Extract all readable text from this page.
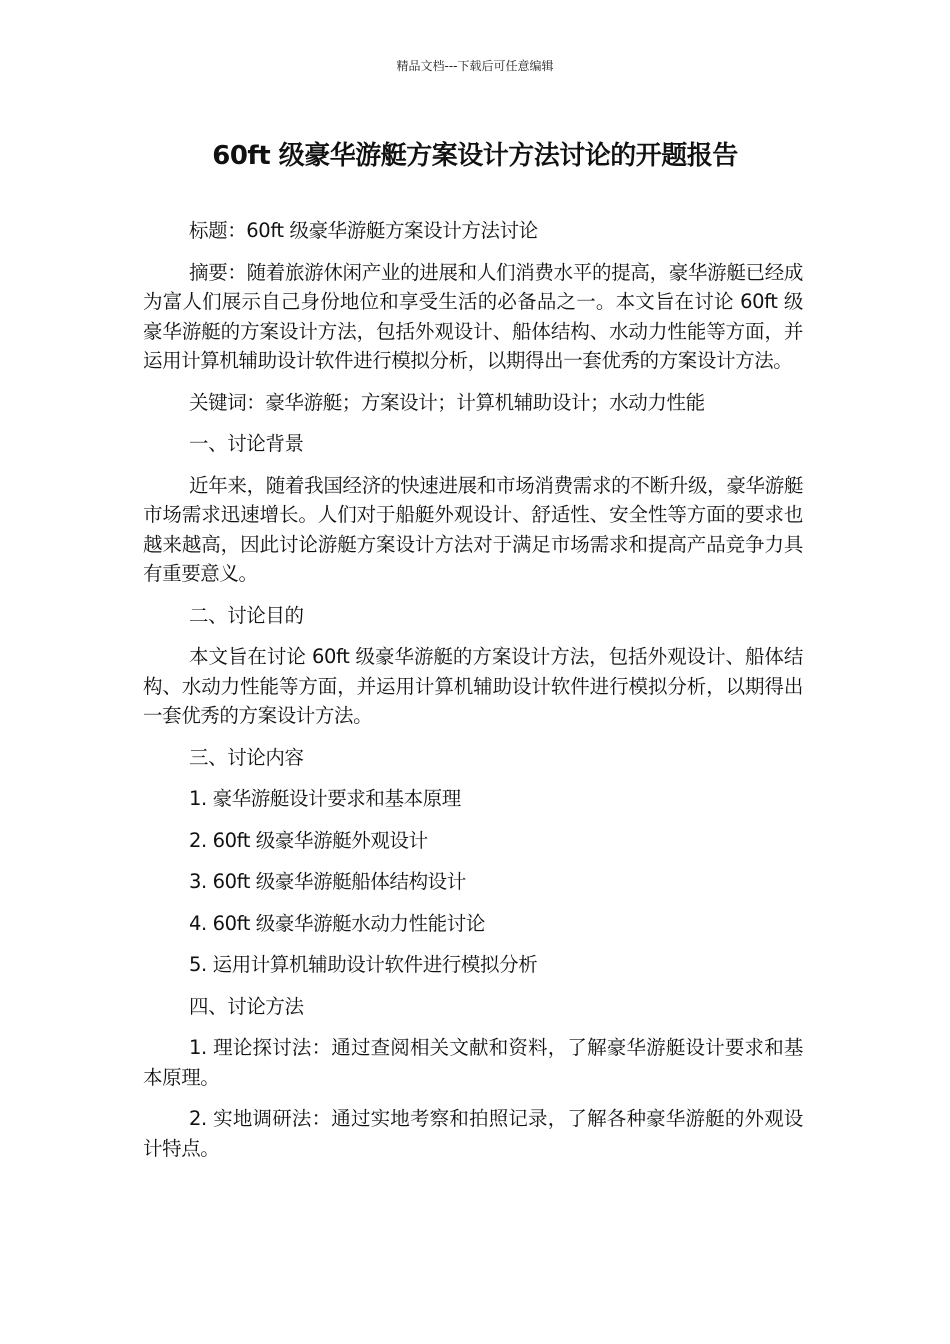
精品文档---下载后可任意编辑
60ft 级豪华游艇方案设计方法讨论的开题报告

标题：60ft 级豪华游艇方案设计方法讨论

摘要：随着旅游休闲产业的进展和人们消费水平的提高，豪华游艇已经成为富人们展示自己身份地位和享受生活的必备品之一。本文旨在讨论 60ft 级豪华游艇的方案设计方法，包括外观设计、船体结构、水动力性能等方面，并运用计算机辅助设计软件进行模拟分析，以期得出一套优秀的方案设计方法。

关键词：豪华游艇；方案设计；计算机辅助设计；水动力性能

一、讨论背景

近年来，随着我国经济的快速进展和市场消费需求的不断升级，豪华游艇市场需求迅速增长。人们对于船艇外观设计、舒适性、安全性等方面的要求也越来越高，因此讨论游艇方案设计方法对于满足市场需求和提高产品竞争力具有重要意义。

二、讨论目的

本文旨在讨论 60ft 级豪华游艇的方案设计方法，包括外观设计、船体结构、水动力性能等方面，并运用计算机辅助设计软件进行模拟分析，以期得出一套优秀的方案设计方法。

三、讨论内容

1. 豪华游艇设计要求和基本原理

2. 60ft 级豪华游艇外观设计

3. 60ft 级豪华游艇船体结构设计

4. 60ft 级豪华游艇水动力性能讨论

5. 运用计算机辅助设计软件进行模拟分析

四、讨论方法

1. 理论探讨法：通过查阅相关文献和资料，了解豪华游艇设计要求和基本原理。

2. 实地调研法：通过实地考察和拍照记录，了解各种豪华游艇的外观设计特点。
